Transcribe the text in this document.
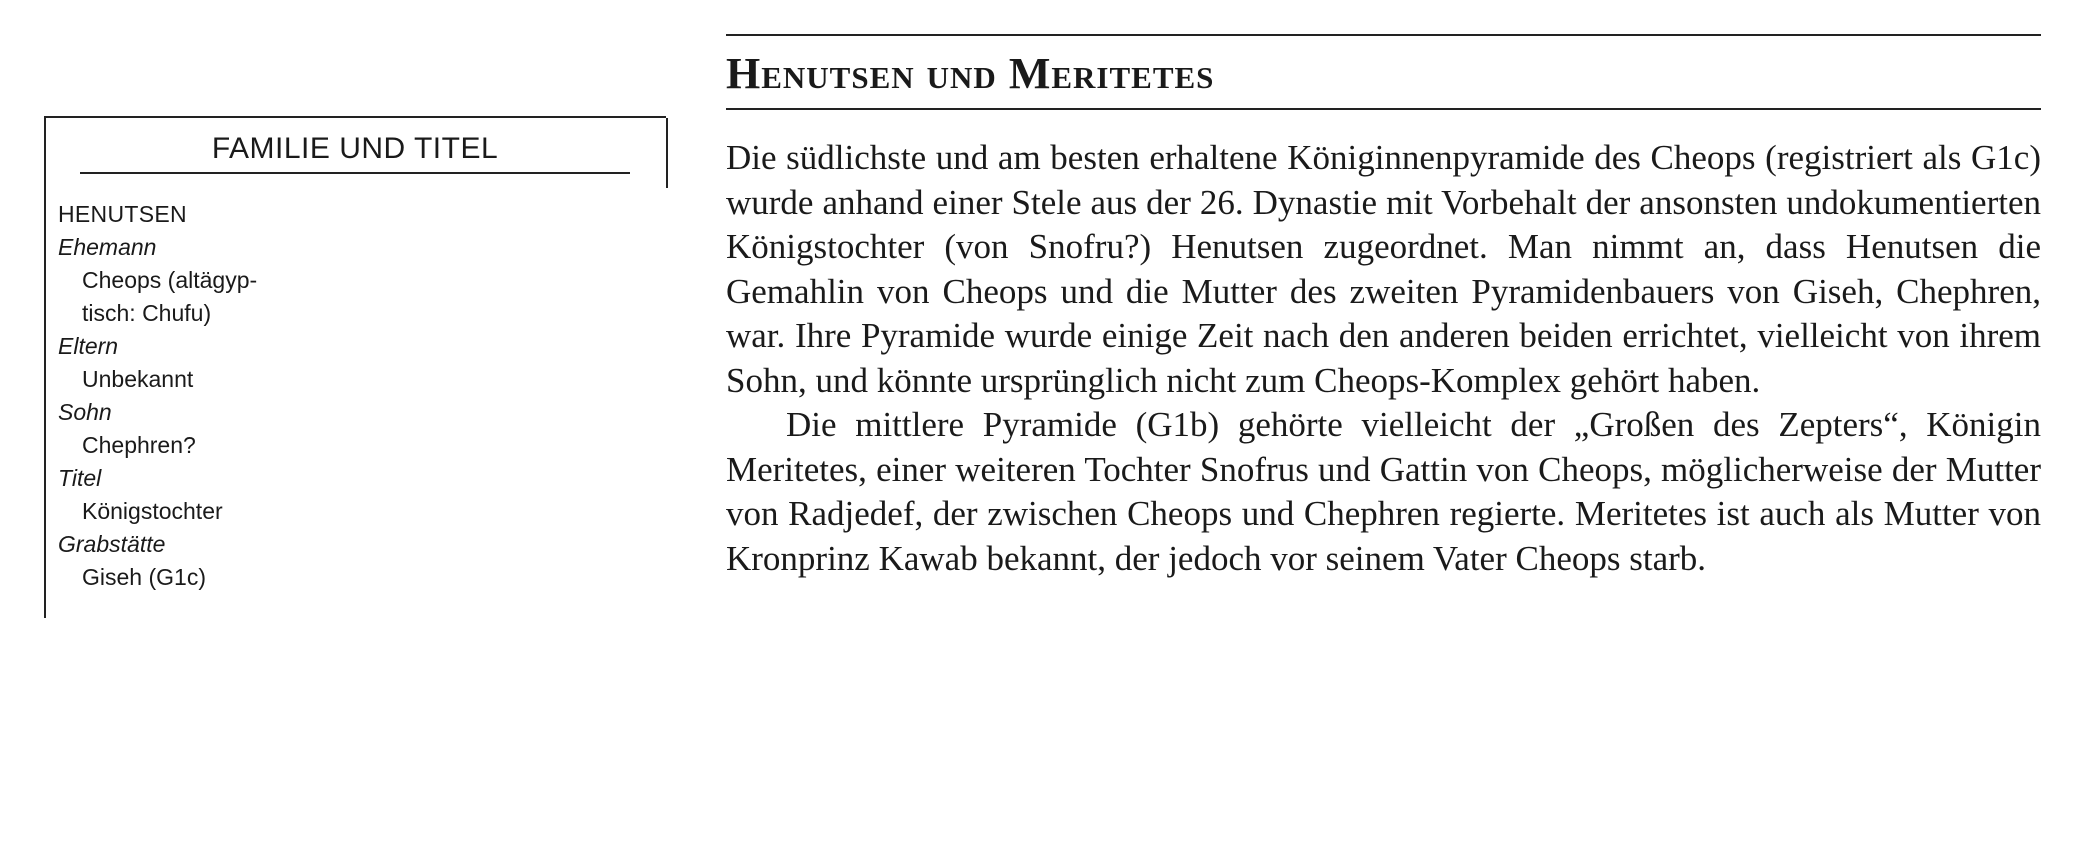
FAMILIE UND TITEL
HENUTSEN
Ehemann
Cheops (altägyp-
tisch: Chufu)
Eltern
Unbekannt
Sohn
Chephren?
Titel
Königstochter
Grabstätte
Giseh (G1c)
Henutsen und Meritetes

Die südlichste und am besten erhaltene Königinnenpyramide des Cheops (registriert als G1c) wurde anhand einer Stele aus der 26. Dynastie mit Vorbehalt der ansonsten undokumentierten Königstochter (von Snofru?) Henutsen zugeordnet. Man nimmt an, dass Henutsen die Gemahlin von Cheops und die Mutter des zweiten Pyramidenbauers von Giseh, Chephren, war. Ihre Pyramide wurde einige Zeit nach den anderen beiden errichtet, vielleicht von ihrem Sohn, und könnte ursprünglich nicht zum Cheops-Komplex gehört haben.

Die mittlere Pyramide (G1b) gehörte vielleicht der „Großen des Zepters“, Königin Meritetes, einer weiteren Tochter Snofrus und Gattin von Cheops, möglicherweise der Mutter von Radjedef, der zwischen Cheops und Chephren regierte. Meritetes ist auch als Mutter von Kronprinz Kawab bekannt, der jedoch vor seinem Vater Cheops starb.
